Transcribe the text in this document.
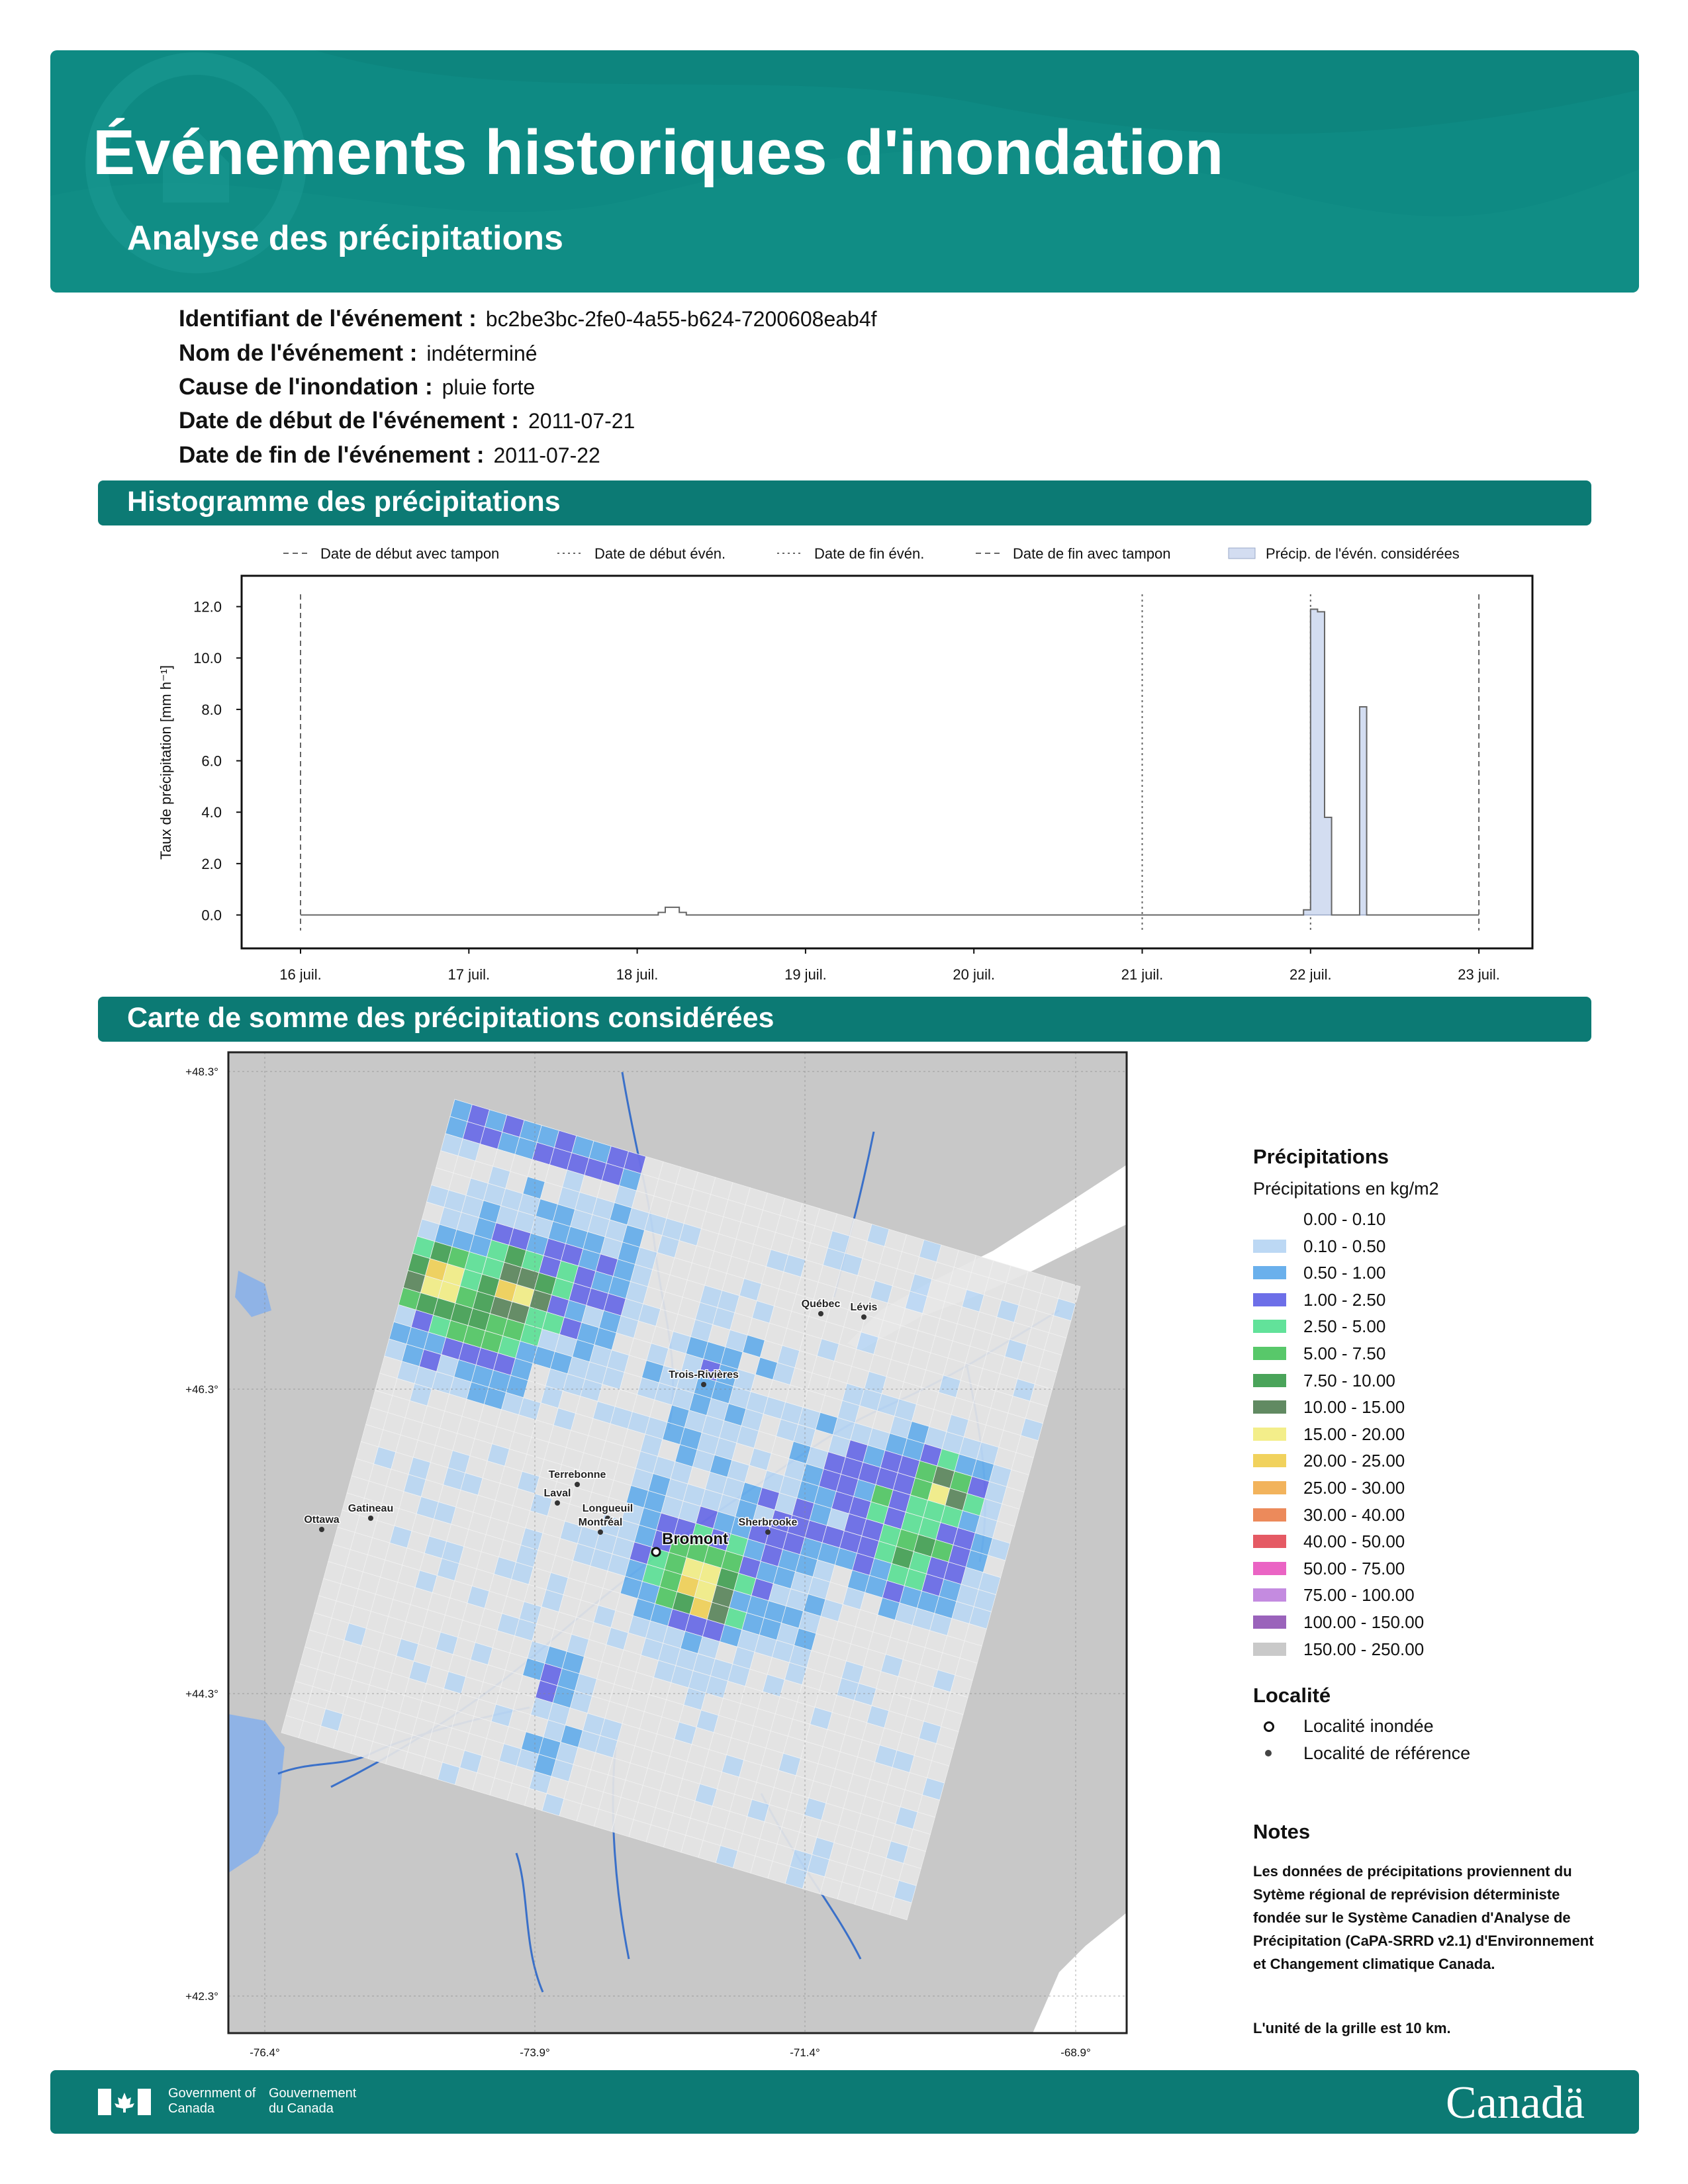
Événements historiques d'inondation
Analyse des précipitations
Identifiant de l'événement : bc2be3bc-2fe0-4a55-b624-7200608eab4f
Nom de l'événement : indéterminé
Cause de l'inondation : pluie forte
Date de début de l'événement : 2011-07-21
Date de fin de l'événement : 2011-07-22
Histogramme des précipitations
Date de début avec tampon	Date de début évén.	Date de fin évén.	Date de fin avec tampon	Précip. de l'évén. considérées
0.0
2.0
4.0
6.0
8.0
10.0
12.0
16 juil.	17 juil.	18 juil.	19 juil.	20 juil.	21 juil.	22 juil.	23 juil.
Taux de précipitation [mm h⁻¹]
Carte de somme des précipitations considérées
+48.3°
+46.3°
+44.3°
+42.3°
-76.4°	-73.9°	-71.4°	-68.9°
Québec Lévis
Trois-Rivières
Terrebonne
Laval
Longueuil
Montréal
Gatineau
Ottawa	Sherbrooke
Bromont
Précipitations
Précipitations en kg/m2
0.00 - 0.10
0.10 - 0.50
0.50 - 1.00
1.00 - 2.50
2.50 - 5.00
5.00 - 7.50
7.50 - 10.00
10.00 - 15.00
15.00 - 20.00
20.00 - 25.00
25.00 - 30.00
30.00 - 40.00
40.00 - 50.00
50.00 - 75.00
75.00 - 100.00
100.00 - 150.00
150.00 - 250.00
Localité
Localité inondée
Localité de référence
Notes
Les données de précipitations proviennent du Sytème régional de reprévision déterministe fondée sur le Système Canadien d'Analyse de Précipitation (CaPA-SRRD v2.1) d'Environnement et Changement climatique Canada.
L'unité de la grille est 10 km.
Government of Canada
Gouvernement du Canada	Canadä
